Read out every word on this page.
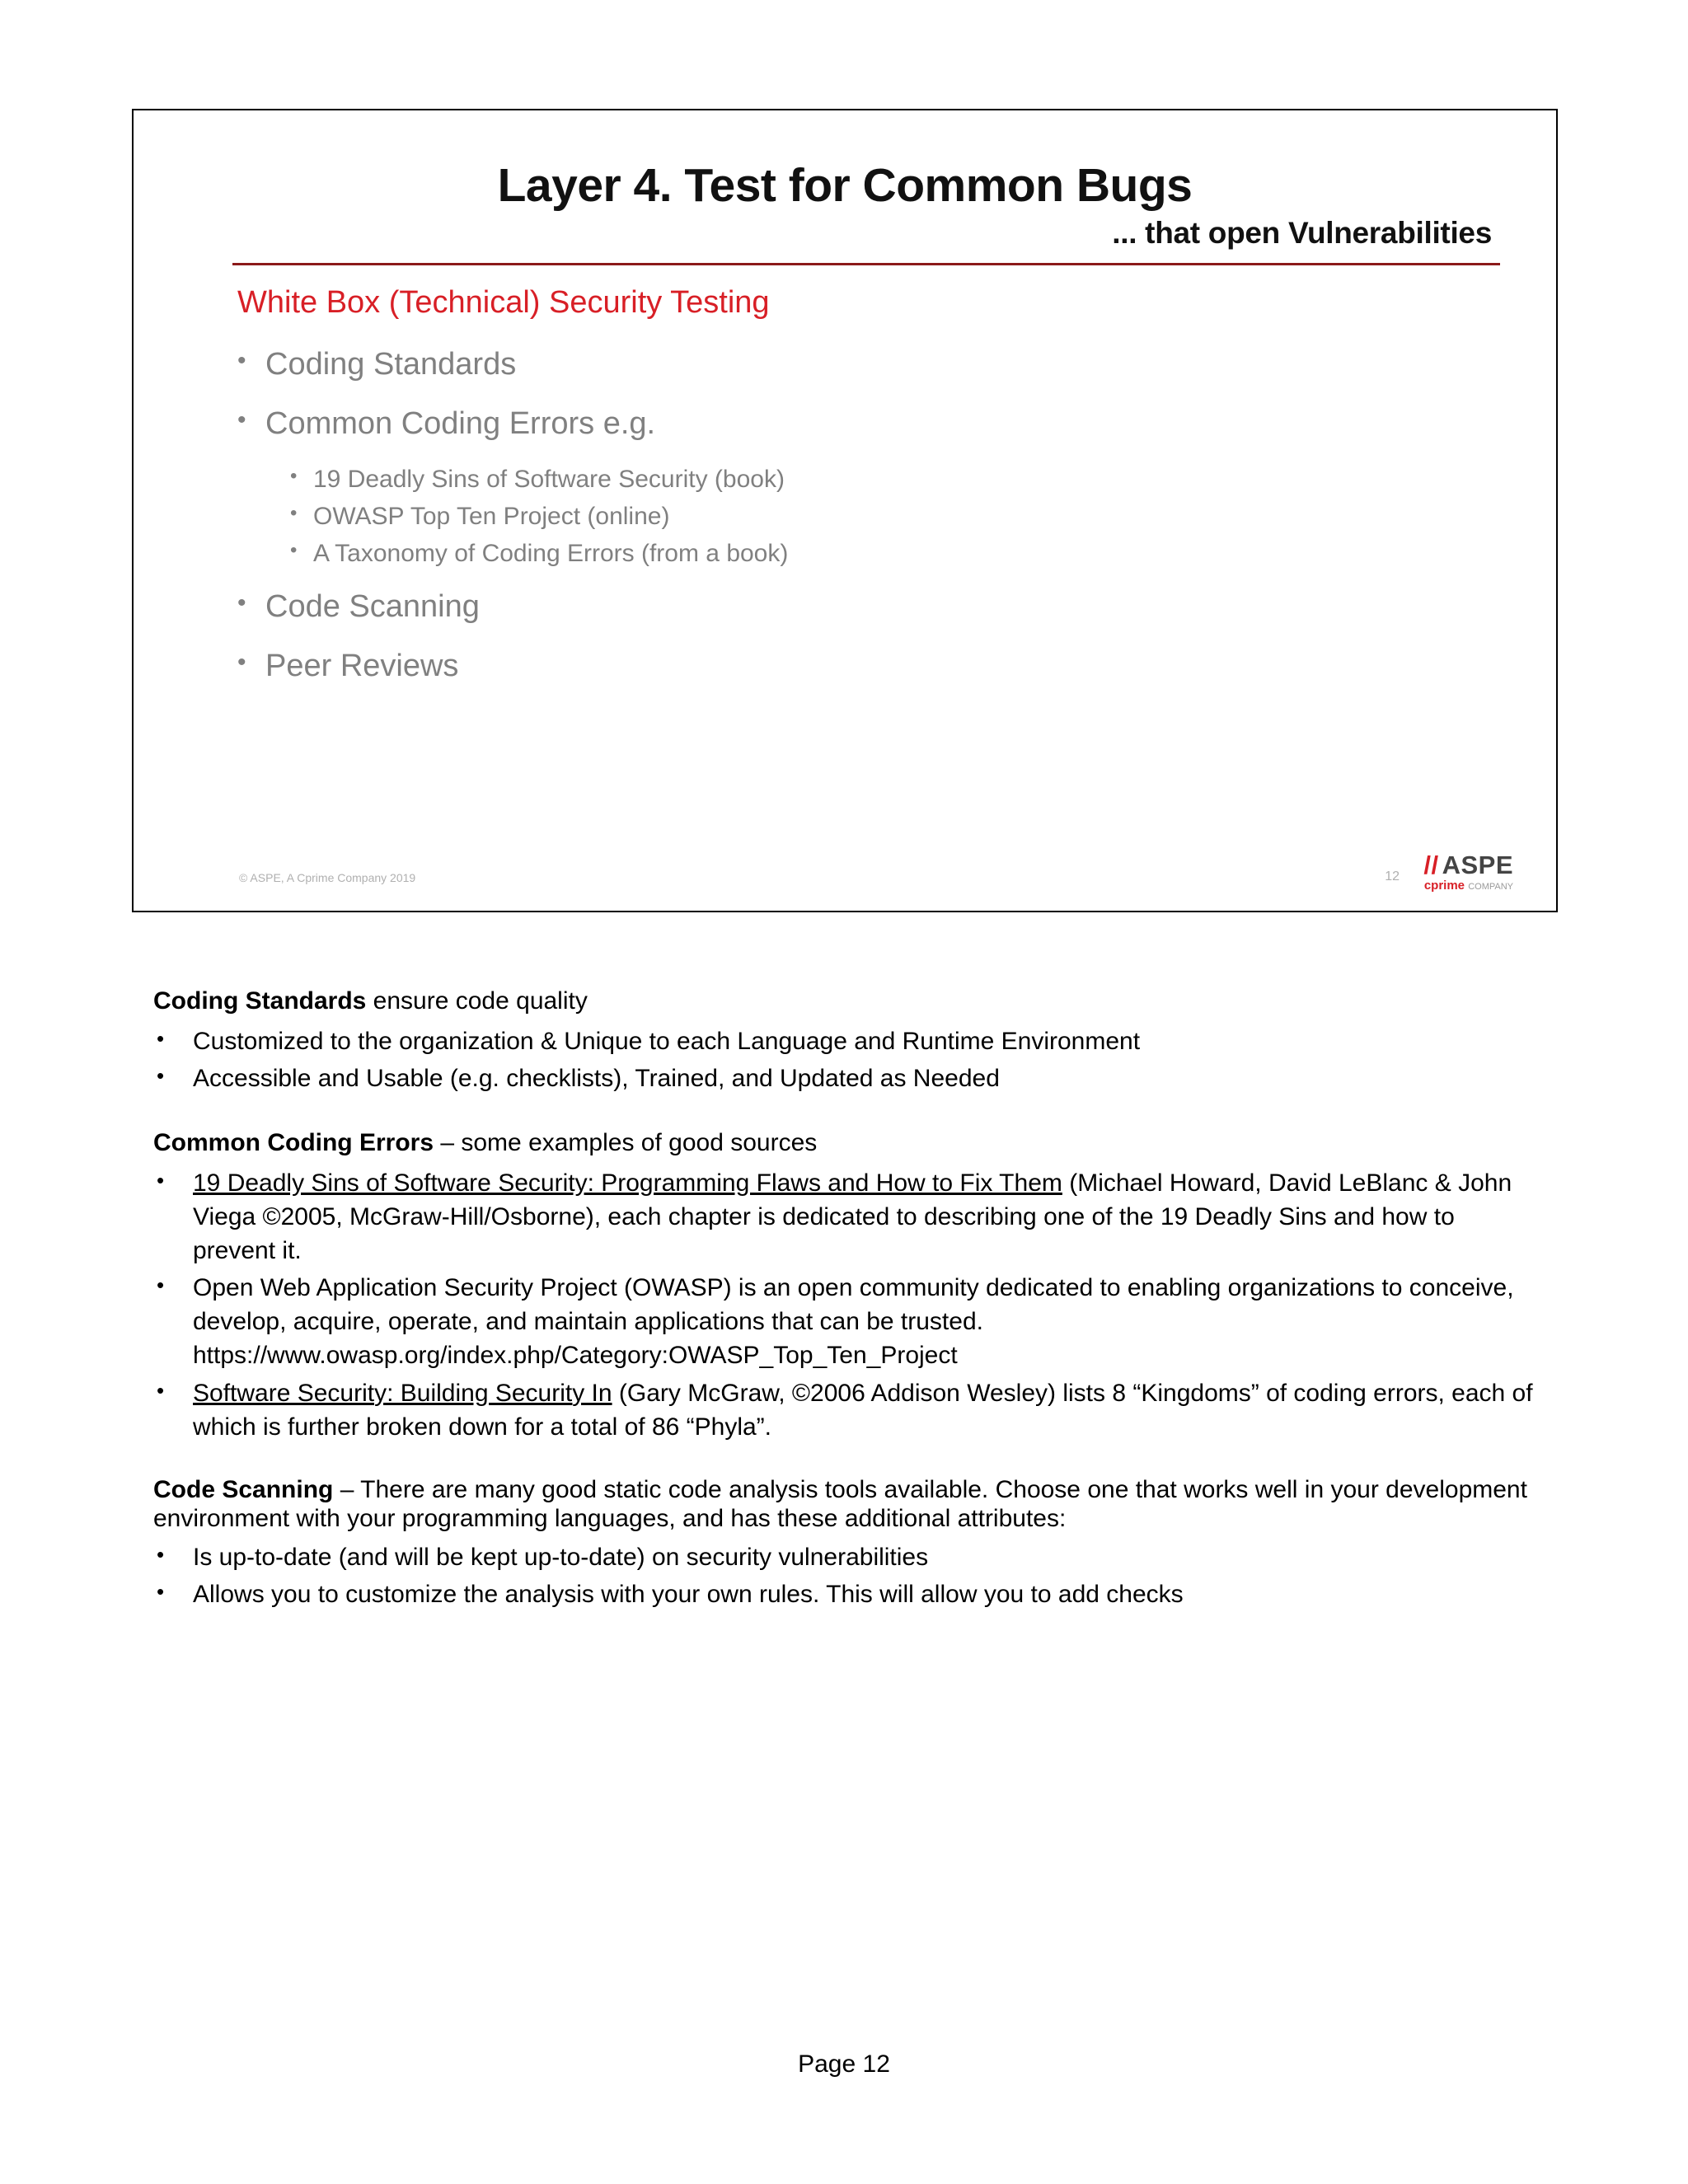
Layer 4. Test for Common Bugs
... that open Vulnerabilities
White Box (Technical) Security Testing
• Coding Standards
• Common Coding Errors e.g.
• 19 Deadly Sins of Software Security (book)
• OWASP Top Ten Project (online)
• A Taxonomy of Coding Errors (from a book)
• Code Scanning
• Peer Reviews
© ASPE, A Cprime Company 2019	12 // ASPE
cprime COMPANY
Coding Standards ensure code quality
•	Customized to the organization & Unique to each Language and Runtime Environment
•	Accessible and Usable (e.g. checklists), Trained, and Updated as Needed
Common Coding Errors – some examples of good sources
•	19 Deadly Sins of Software Security: Programming Flaws and How to Fix Them (Michael Howard, David LeBlanc & John Viega ©2005, McGraw-Hill/Osborne), each chapter is dedicated to describing one of the 19 Deadly Sins and how to prevent it.
•	Open Web Application Security Project (OWASP) is an open community dedicated to enabling organizations to conceive, develop, acquire, operate, and maintain applications that can be trusted. https://www.owasp.org/index.php/Category:OWASP_Top_Ten_Project
•	Software Security: Building Security In (Gary McGraw, ©2006 Addison Wesley) lists 8 “Kingdoms” of coding errors, each of which is further broken down for a total of 86 “Phyla”.
Code Scanning – There are many good static code analysis tools available. Choose one that works well in your development environment with your programming languages, and has these additional attributes:
•	Is up-to-date (and will be kept up-to-date) on security vulnerabilities
•	Allows you to customize the analysis with your own rules. This will allow you to add checks
Page 12
